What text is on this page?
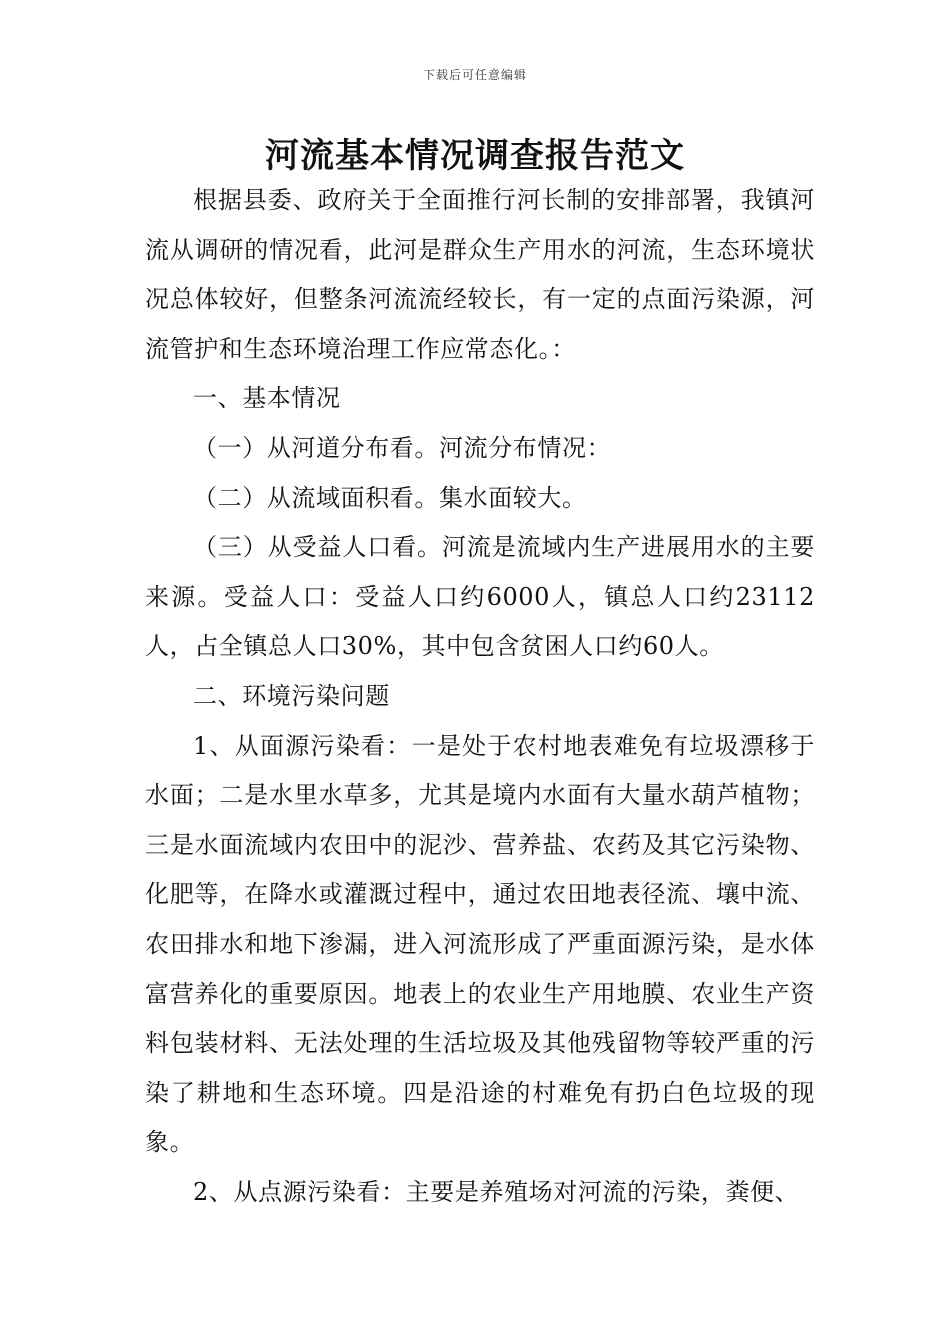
下载后可任意编辑
河流基本情况调查报告范文

根据县委、政府关于全面推行河长制的安排部署，我镇河流从调研的情况看，此河是群众生产用水的河流，生态环境状况总体较好，但整条河流流经较长，有一定的点面污染源，河流管护和生态环境治理工作应常态化。：

一、基本情况

（一）从河道分布看。河流分布情况：

（二）从流域面积看。集水面较大。

（三）从受益人口看。河流是流域内生产进展用水的主要来源。受益人口：受益人口约6000人，镇总人口约23112人，占全镇总人口30%，其中包含贫困人口约60人。

二、环境污染问题

1、从面源污染看：一是处于农村地表难免有垃圾漂移于水面；二是水里水草多，尤其是境内水面有大量水葫芦植物；三是水面流域内农田中的泥沙、营养盐、农药及其它污染物、化肥等，在降水或灌溉过程中，通过农田地表径流、壤中流、农田排水和地下渗漏，进入河流形成了严重面源污染，是水体富营养化的重要原因。地表上的农业生产用地膜、农业生产资料包装材料、无法处理的生活垃圾及其他残留物等较严重的污染了耕地和生态环境。四是沿途的村难免有扔白色垃圾的现象。

2、从点源污染看：主要是养殖场对河流的污染，粪便、
